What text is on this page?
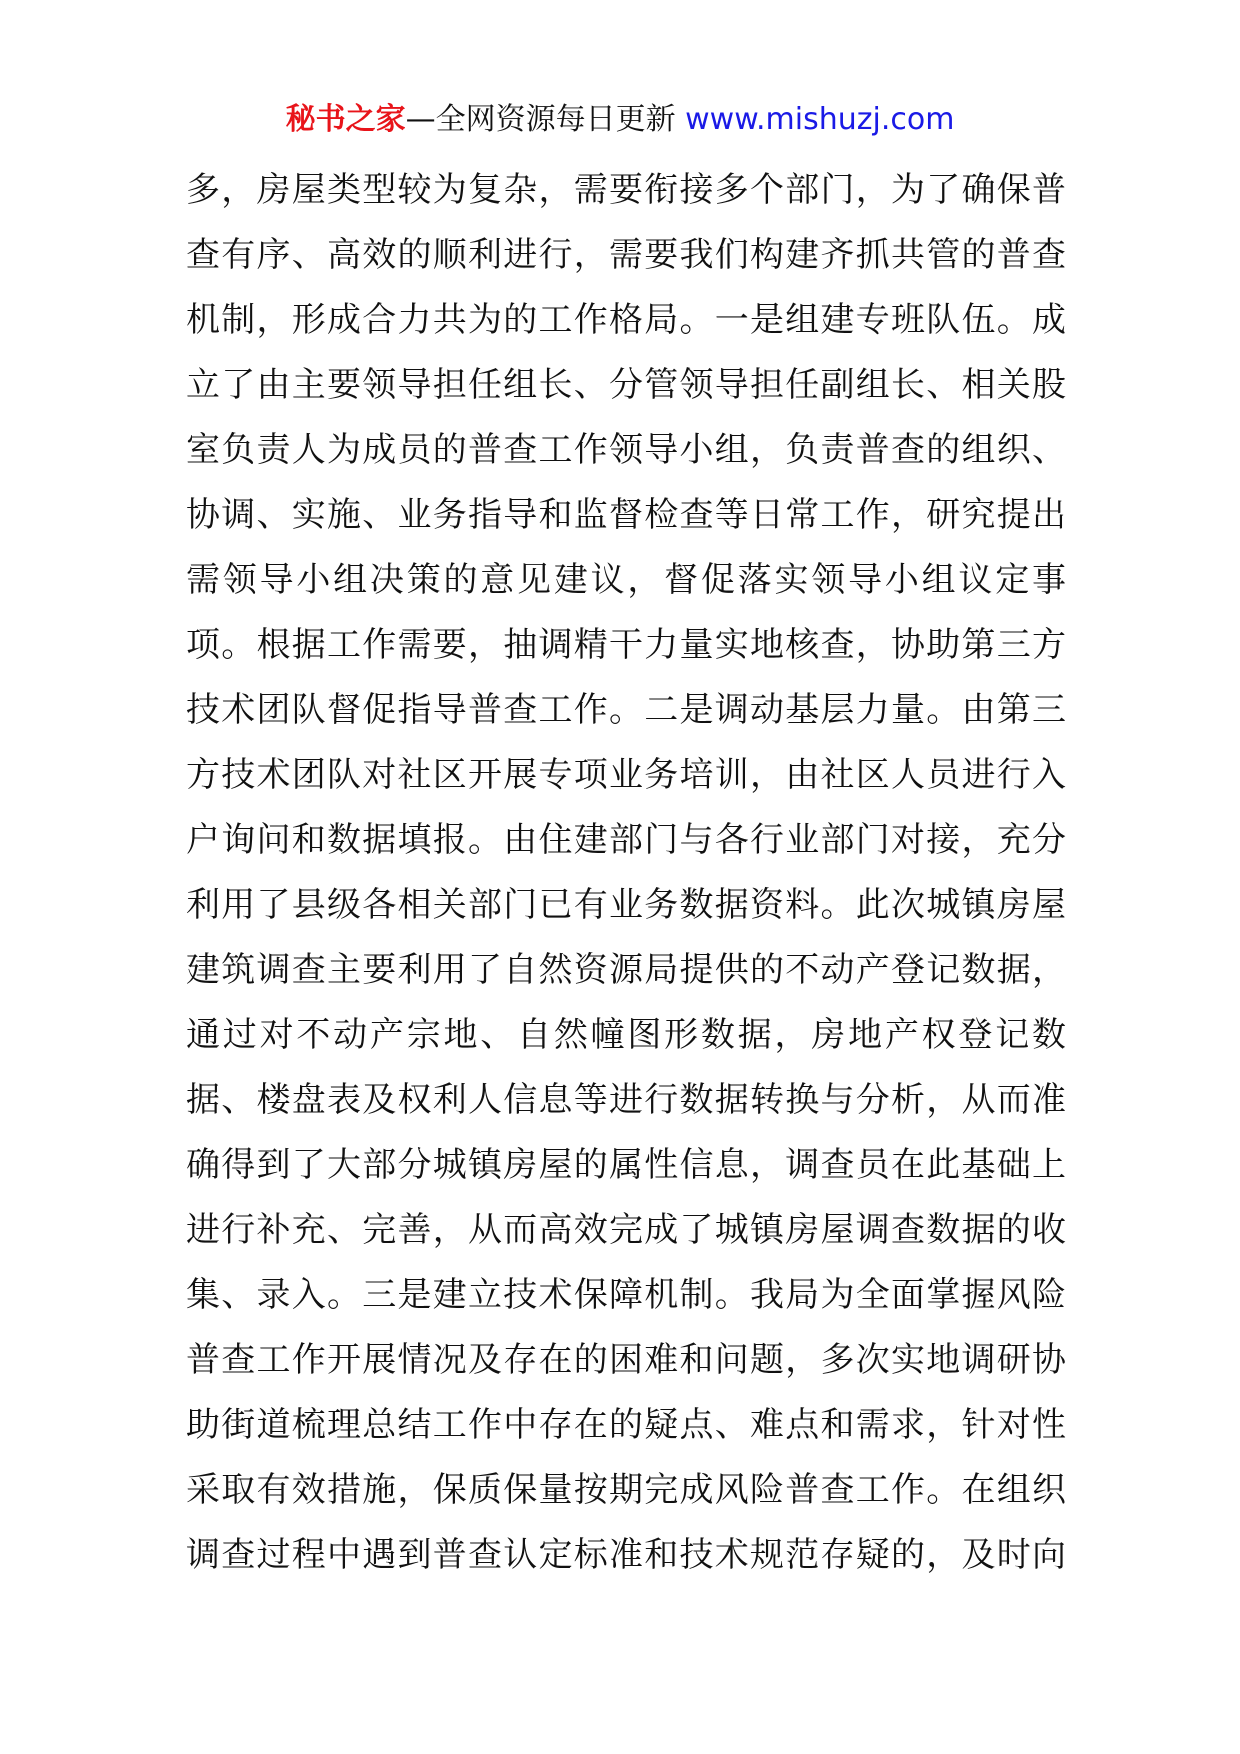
秘书之家—全网资源每日更新 www.mishuzj.com
多，房屋类型较为复杂，需要衔接多个部门，为了确保普
查有序、高效的顺利进行，需要我们构建齐抓共管的普查
机制，形成合力共为的工作格局。一是组建专班队伍。成
立了由主要领导担任组长、分管领导担任副组长、相关股
室负责人为成员的普查工作领导小组，负责普查的组织、
协调、实施、业务指导和监督检查等日常工作，研究提出
需领导小组决策的意见建议，督促落实领导小组议定事
项。根据工作需要，抽调精干力量实地核查，协助第三方
技术团队督促指导普查工作。二是调动基层力量。由第三
方技术团队对社区开展专项业务培训，由社区人员进行入
户询问和数据填报。由住建部门与各行业部门对接，充分
利用了县级各相关部门已有业务数据资料。此次城镇房屋
建筑调查主要利用了自然资源局提供的不动产登记数据，
通过对不动产宗地、自然幢图形数据，房地产权登记数
据、楼盘表及权利人信息等进行数据转换与分析，从而准
确得到了大部分城镇房屋的属性信息，调查员在此基础上
进行补充、完善，从而高效完成了城镇房屋调查数据的收
集、录入。三是建立技术保障机制。我局为全面掌握风险
普查工作开展情况及存在的困难和问题，多次实地调研协
助街道梳理总结工作中存在的疑点、难点和需求，针对性
采取有效措施，保质保量按期完成风险普查工作。在组织
调查过程中遇到普查认定标准和技术规范存疑的，及时向
